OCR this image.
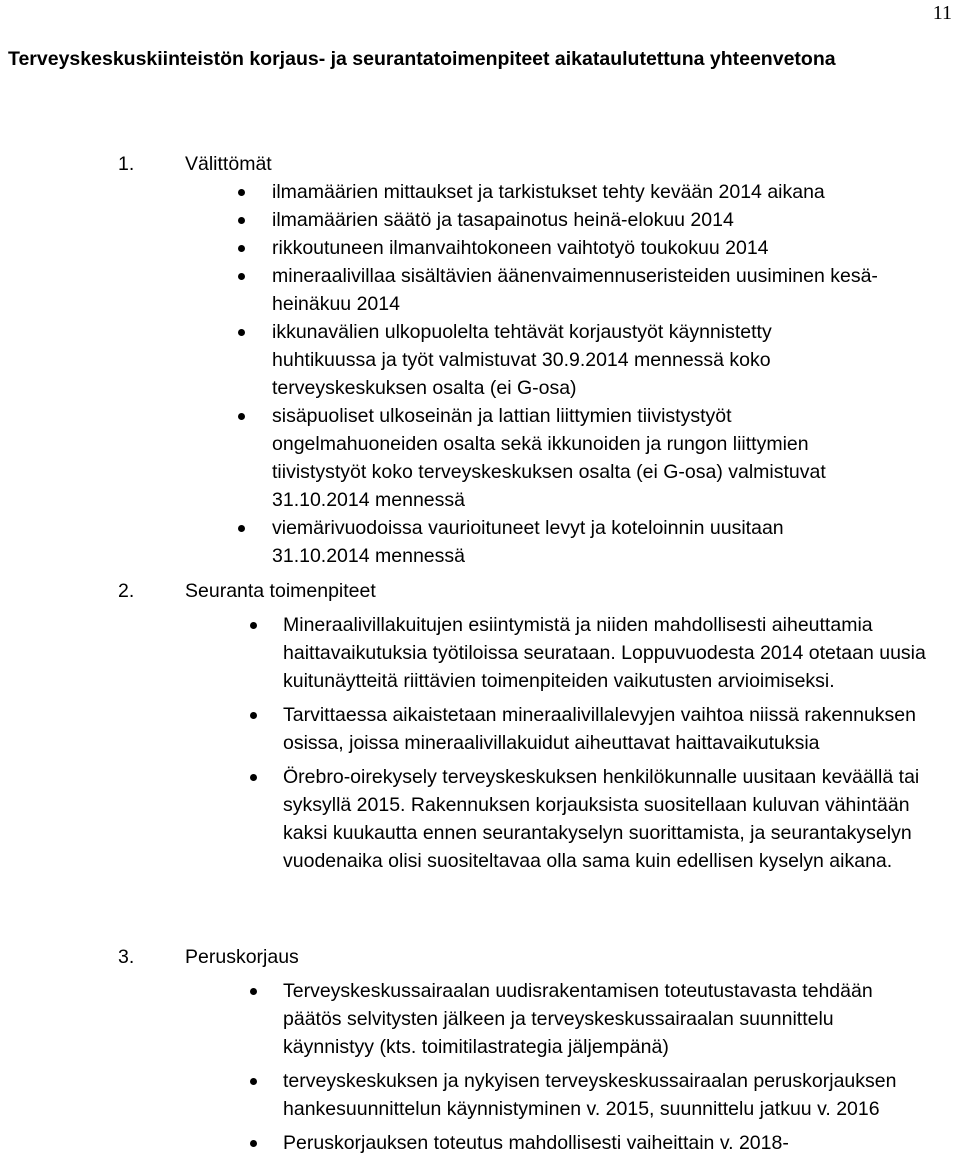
11
Terveyskeskuskiinteistön korjaus- ja seurantatoimenpiteet aikataulutettuna yhteenvetona
1.	Välittömät
ilmamäärien mittaukset ja tarkistukset tehty kevään 2014 aikana
ilmamäärien säätö ja tasapainotus heinä-elokuu 2014
rikkoutuneen ilmanvaihtokoneen vaihtotyö toukokuu 2014
mineraalivillaa sisältävien äänenvaimennuseristeiden uusiminen kesä-heinäkuu 2014
ikkunavälien ulkopuolelta tehtävät korjaustyöt käynnistetty huhtikuussa ja työt valmistuvat 30.9.2014 mennessä koko terveyskeskuksen osalta (ei G-osa)
sisäpuoliset ulkoseinän ja lattian liittymien tiivistystyöt ongelmahuoneiden osalta sekä ikkunoiden ja rungon liittymien tiivistystyöt koko terveyskeskuksen osalta (ei G-osa) valmistuvat 31.10.2014 mennessä
viemärivuodoissa vaurioituneet levyt ja koteloinnin uusitaan 31.10.2014 mennessä
2.	Seuranta toimenpiteet
Mineraalivillakuitujen esiintymistä ja niiden mahdollisesti aiheuttamia haittavaikutuksia työtiloissa seurataan. Loppuvuodesta 2014 otetaan uusia kuitunäytteitä riittävien toimenpiteiden vaikutusten arvioimiseksi.
Tarvittaessa aikaistetaan mineraalivillalevyjen vaihtoa niissä rakennuksen osissa, joissa mineraalivillakuidut aiheuttavat haittavaikutuksia
Örebro-oirekysely terveyskeskuksen henkilökunnalle uusitaan keväällä tai syksyllä 2015. Rakennuksen korjauksista suositellaan kuluvan vähintään kaksi kuukautta ennen seurantakyselyn suorittamista, ja seurantakyselyn vuodenaika olisi suositeltavaa olla sama kuin edellisen kyselyn aikana.
3.	Peruskorjaus
Terveyskeskussairaalan uudisrakentamisen toteutustavasta tehdään päätös selvitysten jälkeen ja terveyskeskussairaalan suunnittelu käynnistyy (kts. toimitilastrategia jäljempänä)
terveyskeskuksen ja nykyisen terveyskeskussairaalan peruskorjauksen hankesuunnittelun käynnistyminen v. 2015, suunnittelu jatkuu v. 2016
Peruskorjauksen toteutus mahdollisesti vaiheittain v. 2018-
